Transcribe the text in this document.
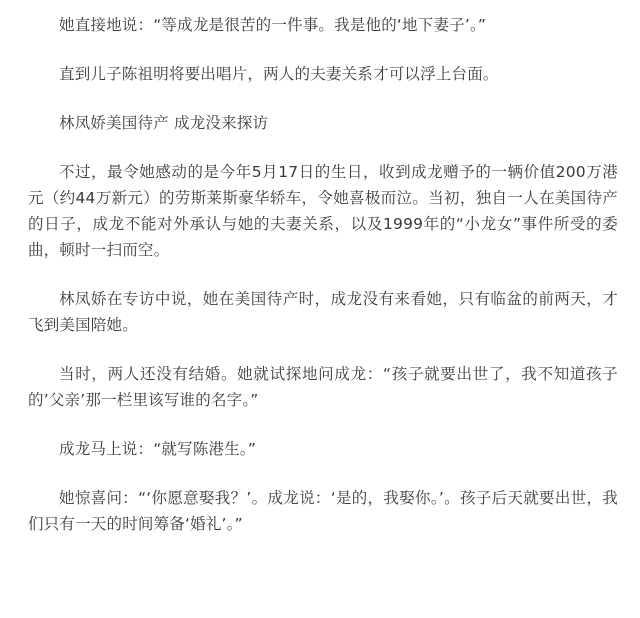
她直接地说：“等成龙是很苦的一件事。我是他的‘地下妻子’。”

直到儿子陈祖明将要出唱片，两人的夫妻关系才可以浮上台面。

林凤娇美国待产 成龙没来探访

不过，最令她感动的是今年5月17日的生日，收到成龙赠予的一辆价值200万港元（约44万新元）的劳斯莱斯豪华轿车，令她喜极而泣。当初，独自一人在美国待产的日子，成龙不能对外承认与她的夫妻关系，以及1999年的“小龙女”事件所受的委曲，顿时一扫而空。

林凤娇在专访中说，她在美国待产时，成龙没有来看她，只有临盆的前两天，才飞到美国陪她。

当时，两人还没有结婚。她就试探地问成龙：“孩子就要出世了，我不知道孩子的’父亲’那一栏里该写谁的名字。”

成龙马上说：“就写陈港生。”

她惊喜问：“‘你愿意娶我？’。成龙说：‘是的，我娶你。’。孩子后天就要出世，我们只有一天的时间筹备‘婚礼’。”
